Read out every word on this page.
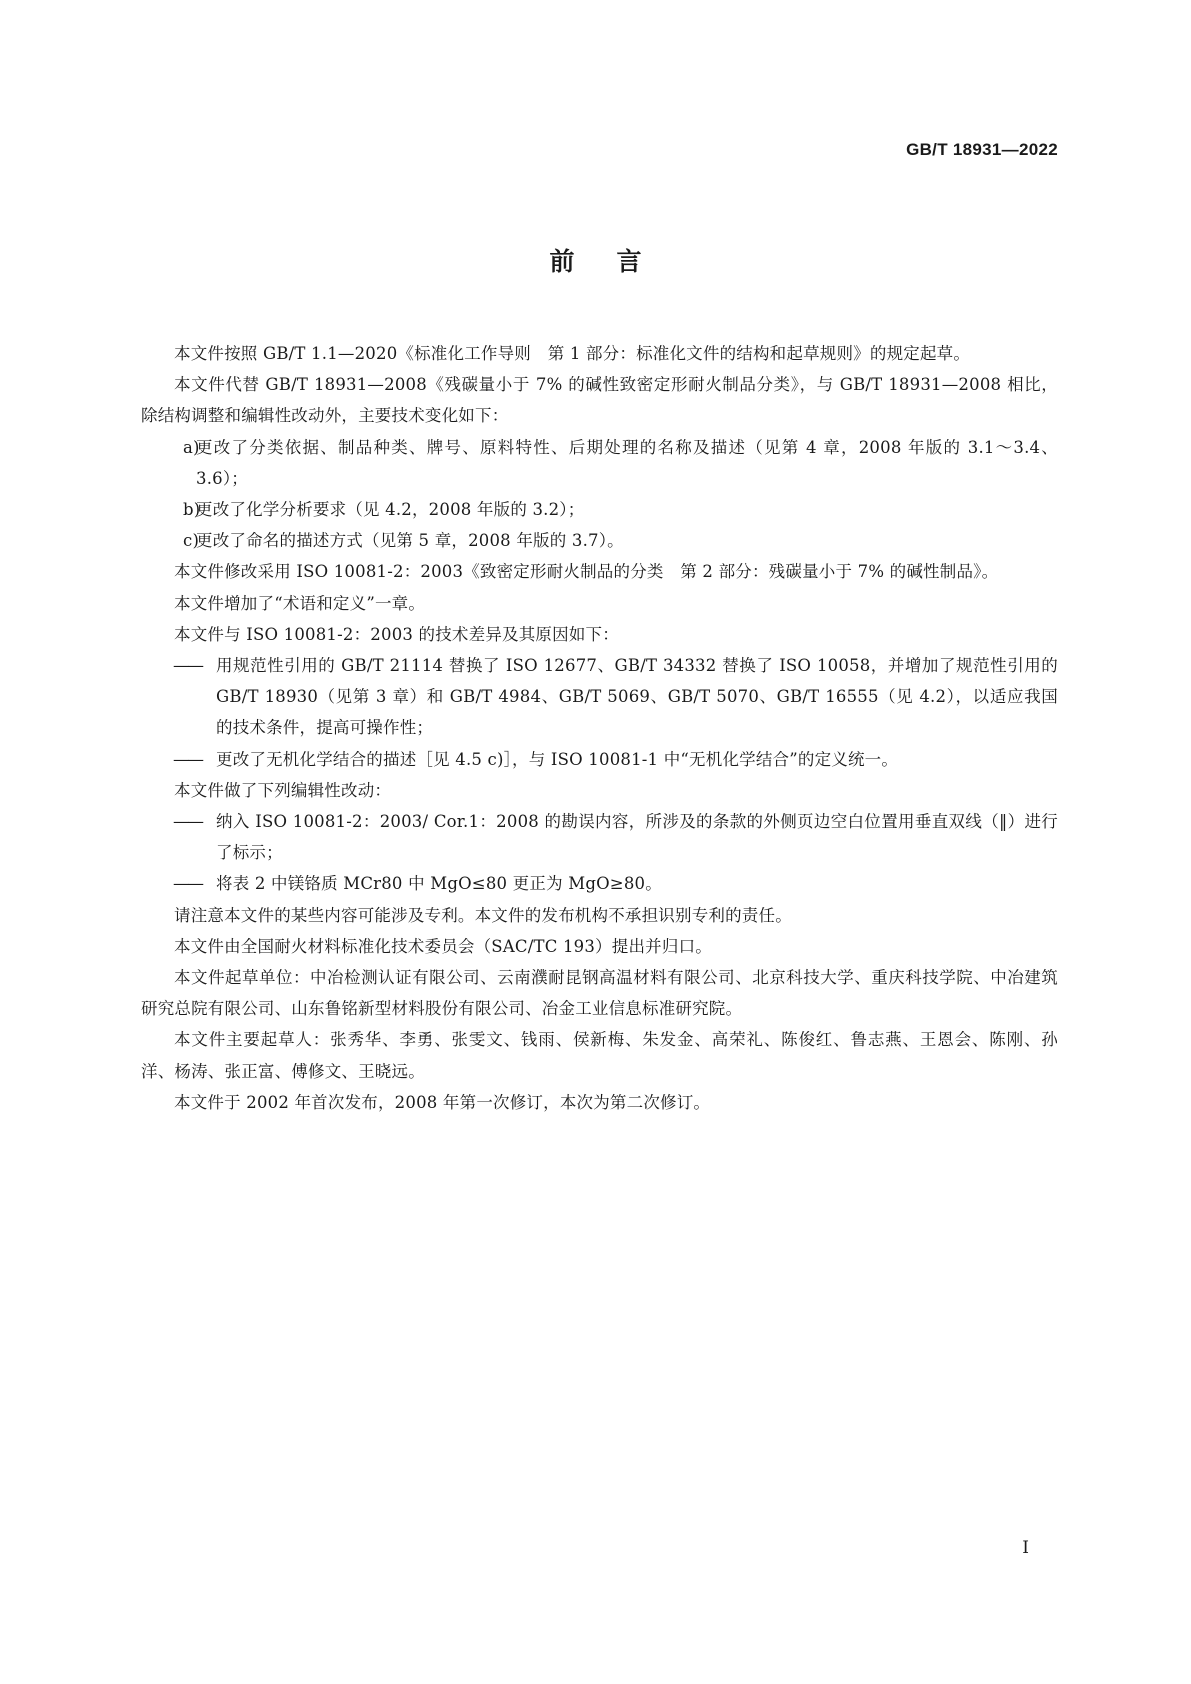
GB/T 18931—2022
前言

本文件按照 GB/T 1.1—2020《标准化工作导则　第 1 部分：标准化文件的结构和起草规则》的规定起草。

本文件代替 GB/T 18931—2008《残碳量小于 7% 的碱性致密定形耐火制品分类》，与 GB/T 18931—2008 相比，除结构调整和编辑性改动外，主要技术变化如下：

a)
更改了分类依据、制品种类、牌号、原料特性、后期处理的名称及描述（见第 4 章，2008 年版的 3.1～3.4、3.6）；

b)
更改了化学分析要求（见 4.2，2008 年版的 3.2）；

c)
更改了命名的描述方式（见第 5 章，2008 年版的 3.7）。

本文件修改采用 ISO 10081-2：2003《致密定形耐火制品的分类　第 2 部分：残碳量小于 7% 的碱性制品》。

本文件增加了“术语和定义”一章。

本文件与 ISO 10081-2：2003 的技术差异及其原因如下：

—— 用规范性引用的 GB/T 21114 替换了 ISO 12677、GB/T 34332 替换了 ISO 10058，并增加了规范性引用的 GB/T 18930（见第 3 章）和 GB/T 4984、GB/T 5069、GB/T 5070、GB/T 16555（见 4.2），以适应我国的技术条件，提高可操作性；

—— 更改了无机化学结合的描述［见 4.5 c)］，与 ISO 10081-1 中“无机化学结合”的定义统一。

本文件做了下列编辑性改动：

—— 纳入 ISO 10081-2：2003/ Cor.1：2008 的勘误内容，所涉及的条款的外侧页边空白位置用垂直双线（‖）进行了标示；

—— 将表 2 中镁铬质 MCr80 中 MgO≤80 更正为 MgO≥80。

请注意本文件的某些内容可能涉及专利。本文件的发布机构不承担识别专利的责任。

本文件由全国耐火材料标准化技术委员会（SAC/TC 193）提出并归口。

本文件起草单位：中冶检测认证有限公司、云南濮耐昆钢高温材料有限公司、北京科技大学、重庆科技学院、中冶建筑研究总院有限公司、山东鲁铭新型材料股份有限公司、冶金工业信息标准研究院。

本文件主要起草人：张秀华、李勇、张雯文、钱雨、侯新梅、朱发金、高荣礼、陈俊红、鲁志燕、王恩会、陈刚、孙洋、杨涛、张正富、傅修文、王晓远。

本文件于 2002 年首次发布，2008 年第一次修订，本次为第二次修订。

I
